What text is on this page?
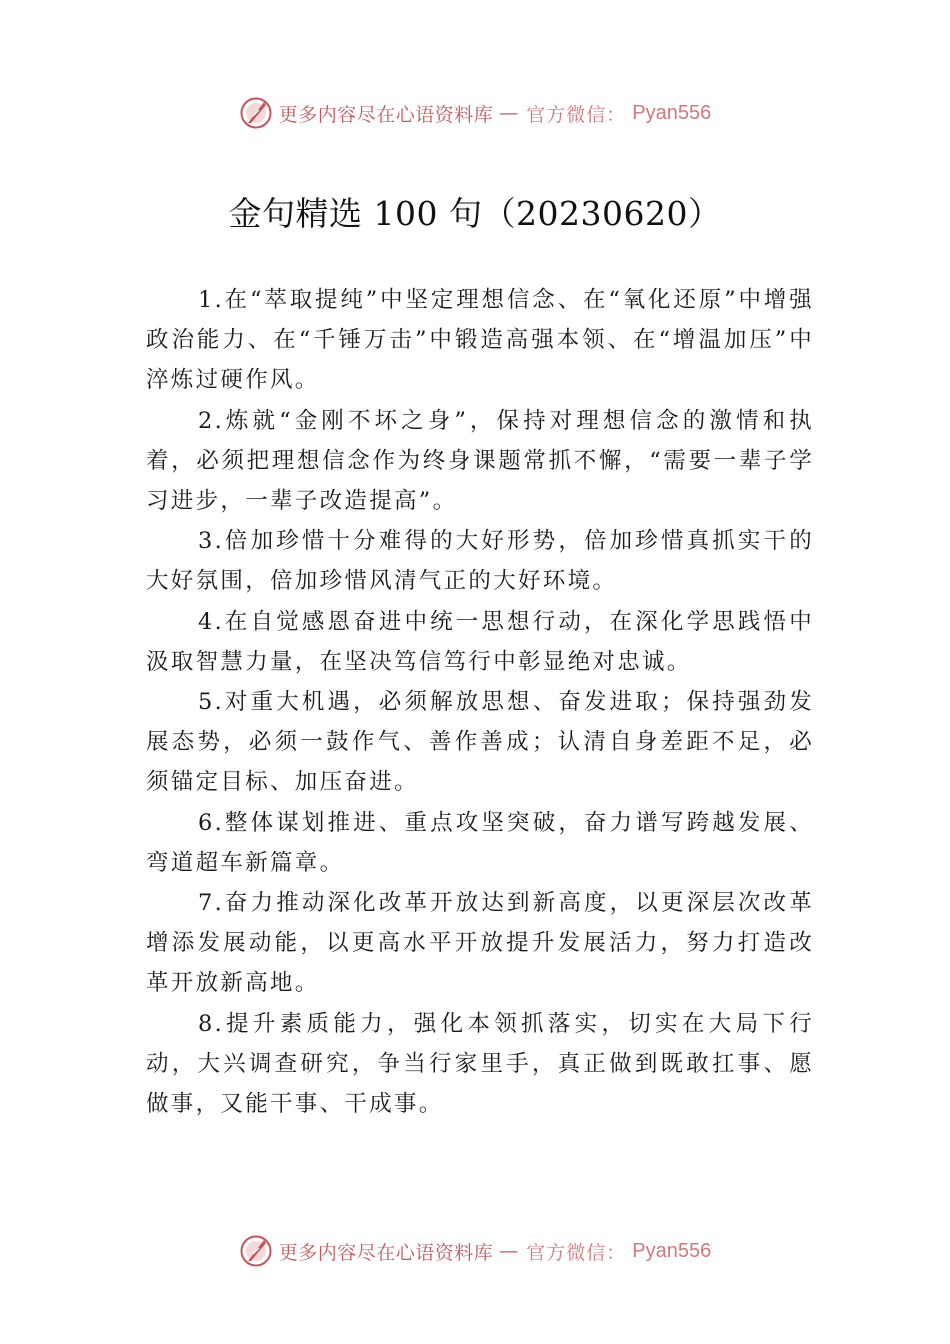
更多内容尽在心语资料库 — 官方微信： Pyan556
金句精选 100 句（20230620）

1.在“萃取提纯”中坚定理想信念、在“氧化还原”中增强政治能力、在“千锤万击”中锻造高强本领、在“增温加压”中淬炼过硬作风。

2.炼就“金刚不坏之身”，保持对理想信念的激情和执着，必须把理想信念作为终身课题常抓不懈，“需要一辈子学习进步，一辈子改造提高”。

3.倍加珍惜十分难得的大好形势，倍加珍惜真抓实干的大好氛围，倍加珍惜风清气正的大好环境。

4.在自觉感恩奋进中统一思想行动，在深化学思践悟中汲取智慧力量，在坚决笃信笃行中彰显绝对忠诚。

5.对重大机遇，必须解放思想、奋发进取；保持强劲发展态势，必须一鼓作气、善作善成；认清自身差距不足，必须锚定目标、加压奋进。

6.整体谋划推进、重点攻坚突破，奋力谱写跨越发展、弯道超车新篇章。

7.奋力推动深化改革开放达到新高度，以更深层次改革增添发展动能，以更高水平开放提升发展活力，努力打造改革开放新高地。

8.提升素质能力，强化本领抓落实，切实在大局下行动，大兴调查研究，争当行家里手，真正做到既敢扛事、愿做事，又能干事、干成事。

更多内容尽在心语资料库 — 官方微信： Pyan556
